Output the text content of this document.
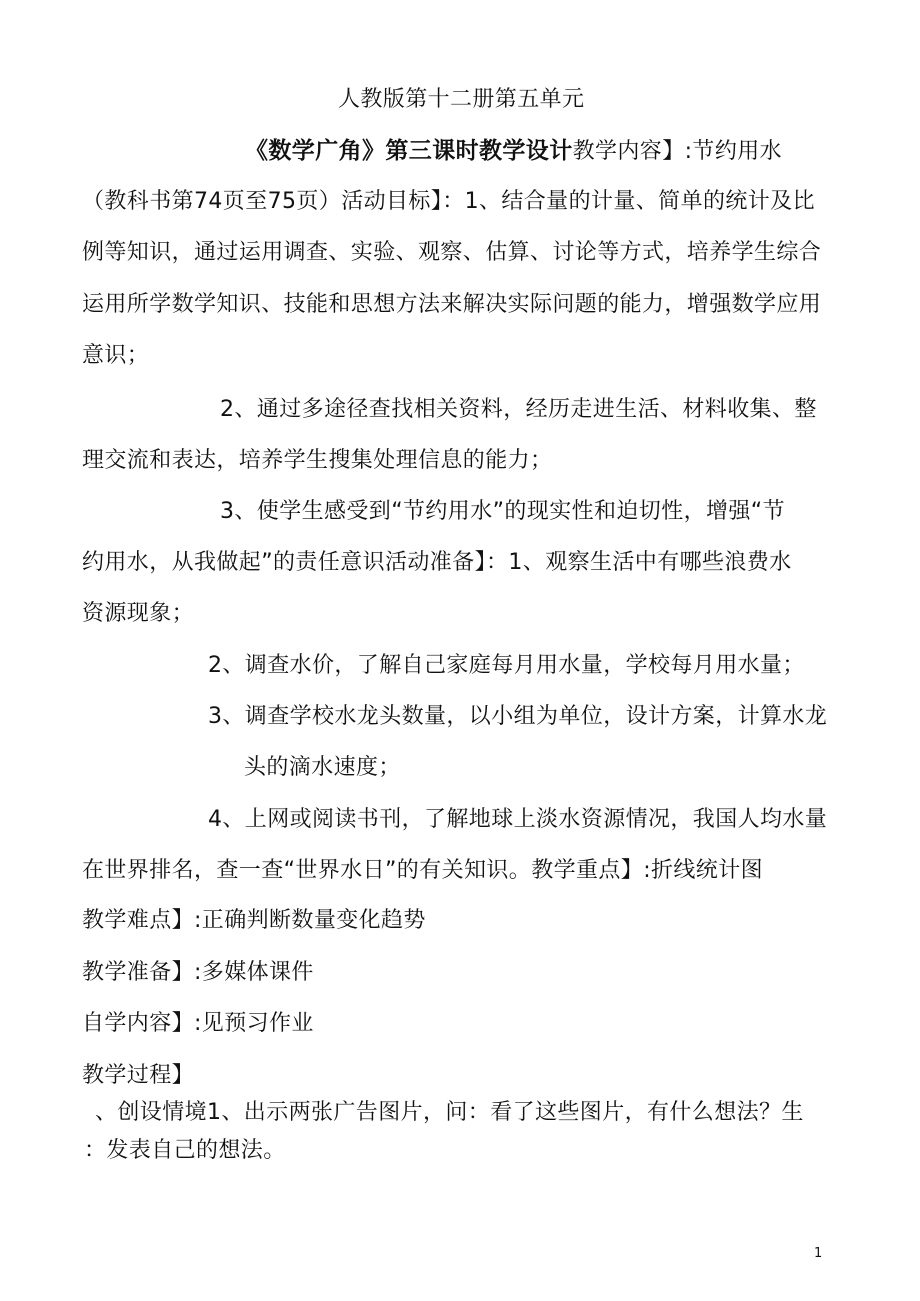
人教版第十二册第五单元
《数学广角》第三课时教学设计教学内容】:节约用水
（教科书第74页至75页）活动目标】：1、结合量的计量、简单的统计及比
例等知识，通过运用调查、实验、观察、估算、讨论等方式，培养学生综合
运用所学数学知识、技能和思想方法来解决实际问题的能力，增强数学应用
意识；
2、通过多途径查找相关资料，经历走进生活、材料收集、整
理交流和表达，培养学生搜集处理信息的能力；
3、使学生感受到“节约用水”的现实性和迫切性，增强“节
约用水，从我做起”的责任意识活动准备】：1、观察生活中有哪些浪费水
资源现象；
2、调查水价，了解自己家庭每月用水量，学校每月用水量；
3、调查学校水龙头数量，以小组为单位，设计方案，计算水龙
头的滴水速度；
4、上网或阅读书刊，了解地球上淡水资源情况，我国人均水量
在世界排名，查一查“世界水日”的有关知识。教学重点】:折线统计图
教学难点】:正确判断数量变化趋势
教学准备】:多媒体课件
自学内容】:见预习作业
教学过程】
、创设情境1、出示两张广告图片，问：看了这些图片，有什么想法？生
：发表自己的想法。
1
